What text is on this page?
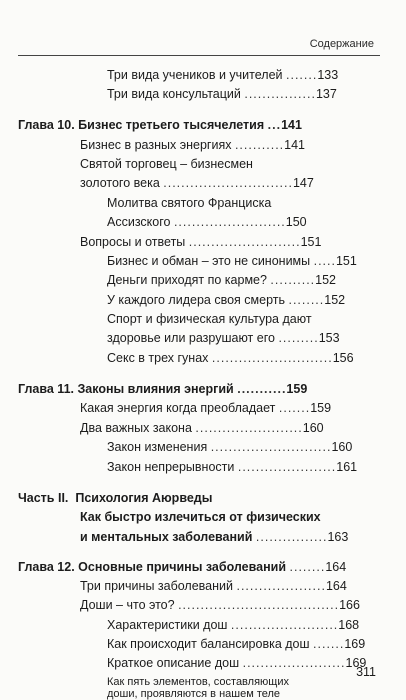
Содержание
Три вида учеников и учителей .......133
Три вида консультаций ................137
Глава 10. Бизнес третьего тысячелетия ...141
Бизнес в разных энергиях ...........141
Святой торговец – бизнесмен
золотого века .............................147
Молитва святого Франциска
Ассизского .........................150
Вопросы и ответы .........................151
Бизнес и обман – это не синонимы .....151
Деньги приходят по карме? ..........152
У каждого лидера своя смерть ........152
Спорт и физическая культура дают
здоровье или разрушают его .........153
Секс в трех гунах ...........................156
Глава 11. Законы влияния энергий ...........159
Какая энергия когда преобладает .......159
Два важных закона ........................160
Закон изменения ...........................160
Закон непрерывности ......................161
Часть II.  Психология Аюрведы
Как быстро излечиться от физических
и ментальных заболеваний ................163
Глава 12. Основные причины заболеваний ........164
Три причины заболеваний ....................164
Доши – что это? ....................................166
Характеристики дош ........................168
Как происходит балансировка дош .......169
Краткое описание дош .......................169
Как пять элементов, составляющих
доши, проявляются в нашем теле
311
